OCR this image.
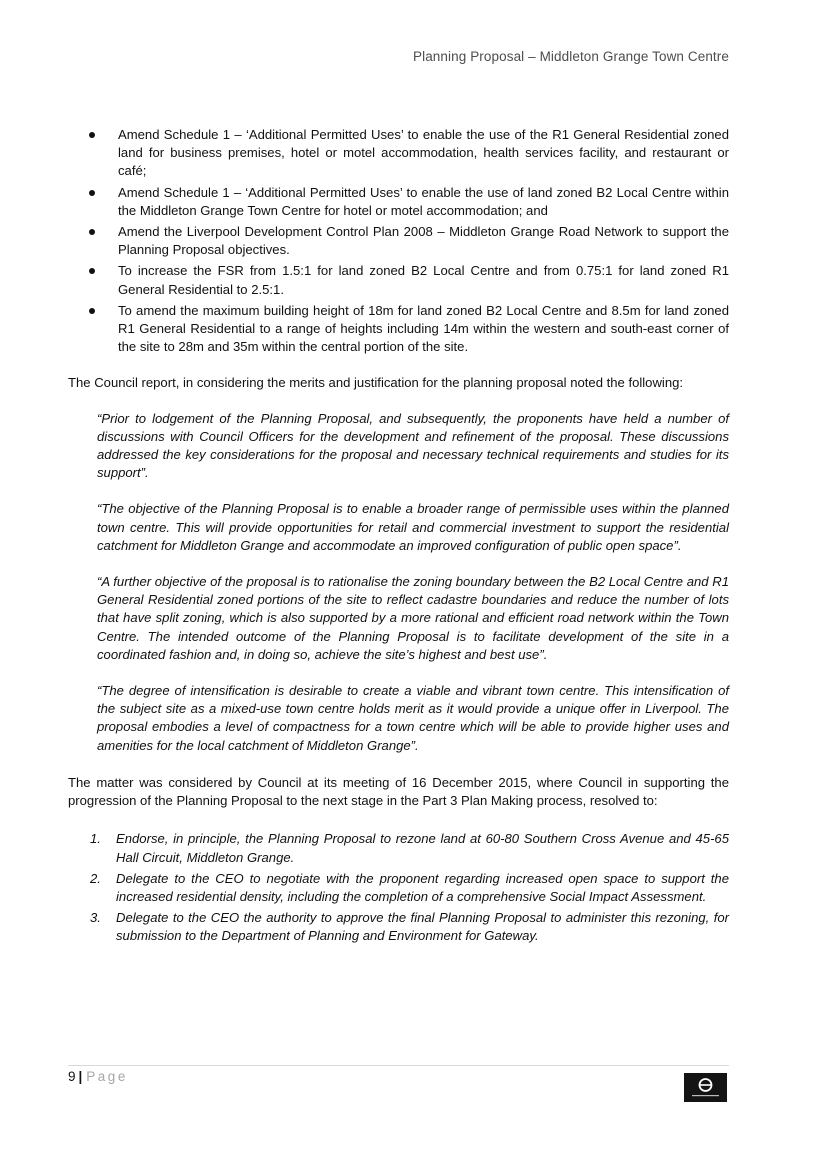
Planning Proposal – Middleton Grange Town Centre
Amend Schedule 1 – ‘Additional Permitted Uses’ to enable the use of the R1 General Residential zoned land for business premises, hotel or motel accommodation, health services facility, and restaurant or café;
Amend Schedule 1 – ‘Additional Permitted Uses’ to enable the use of land zoned B2 Local Centre within the Middleton Grange Town Centre for hotel or motel accommodation; and
Amend the Liverpool Development Control Plan 2008 – Middleton Grange Road Network to support the Planning Proposal objectives.
To increase the FSR from 1.5:1 for land zoned B2 Local Centre and from 0.75:1 for land zoned R1 General Residential to 2.5:1.
To amend the maximum building height of 18m for land zoned B2 Local Centre and 8.5m for land zoned R1 General Residential to a range of heights including 14m within the western and south-east corner of the site to 28m and 35m within the central portion of the site.

The Council report, in considering the merits and justification for the planning proposal noted the following:

“Prior to lodgement of the Planning Proposal, and subsequently, the proponents have held a number of discussions with Council Officers for the development and refinement of the proposal. These discussions addressed the key considerations for the proposal and necessary technical requirements and studies for its support”.

“The objective of the Planning Proposal is to enable a broader range of permissible uses within the planned town centre. This will provide opportunities for retail and commercial investment to support the residential catchment for Middleton Grange and accommodate an improved configuration of public open space”.

“A further objective of the proposal is to rationalise the zoning boundary between the B2 Local Centre and R1 General Residential zoned portions of the site to reflect cadastre boundaries and reduce the number of lots that have split zoning, which is also supported by a more rational and efficient road network within the Town Centre. The intended outcome of the Planning Proposal is to facilitate development of the site in a coordinated fashion and, in doing so, achieve the site’s highest and best use”.

“The degree of intensification is desirable to create a viable and vibrant town centre. This intensification of the subject site as a mixed-use town centre holds merit as it would provide a unique offer in Liverpool. The proposal embodies a level of compactness for a town centre which will be able to provide higher uses and amenities for the local catchment of Middleton Grange”.

The matter was considered by Council at its meeting of 16 December 2015, where Council in supporting the progression of the Planning Proposal to the next stage in the Part 3 Plan Making process, resolved to:

1. Endorse, in principle, the Planning Proposal to rezone land at 60-80 Southern Cross Avenue and 45-65 Hall Circuit, Middleton Grange.
2. Delegate to the CEO to negotiate with the proponent regarding increased open space to support the increased residential density, including the completion of a comprehensive Social Impact Assessment.
3. Delegate to the CEO the authority to approve the final Planning Proposal to administer this rezoning, for submission to the Department of Planning and Environment for Gateway.
9 | Page
